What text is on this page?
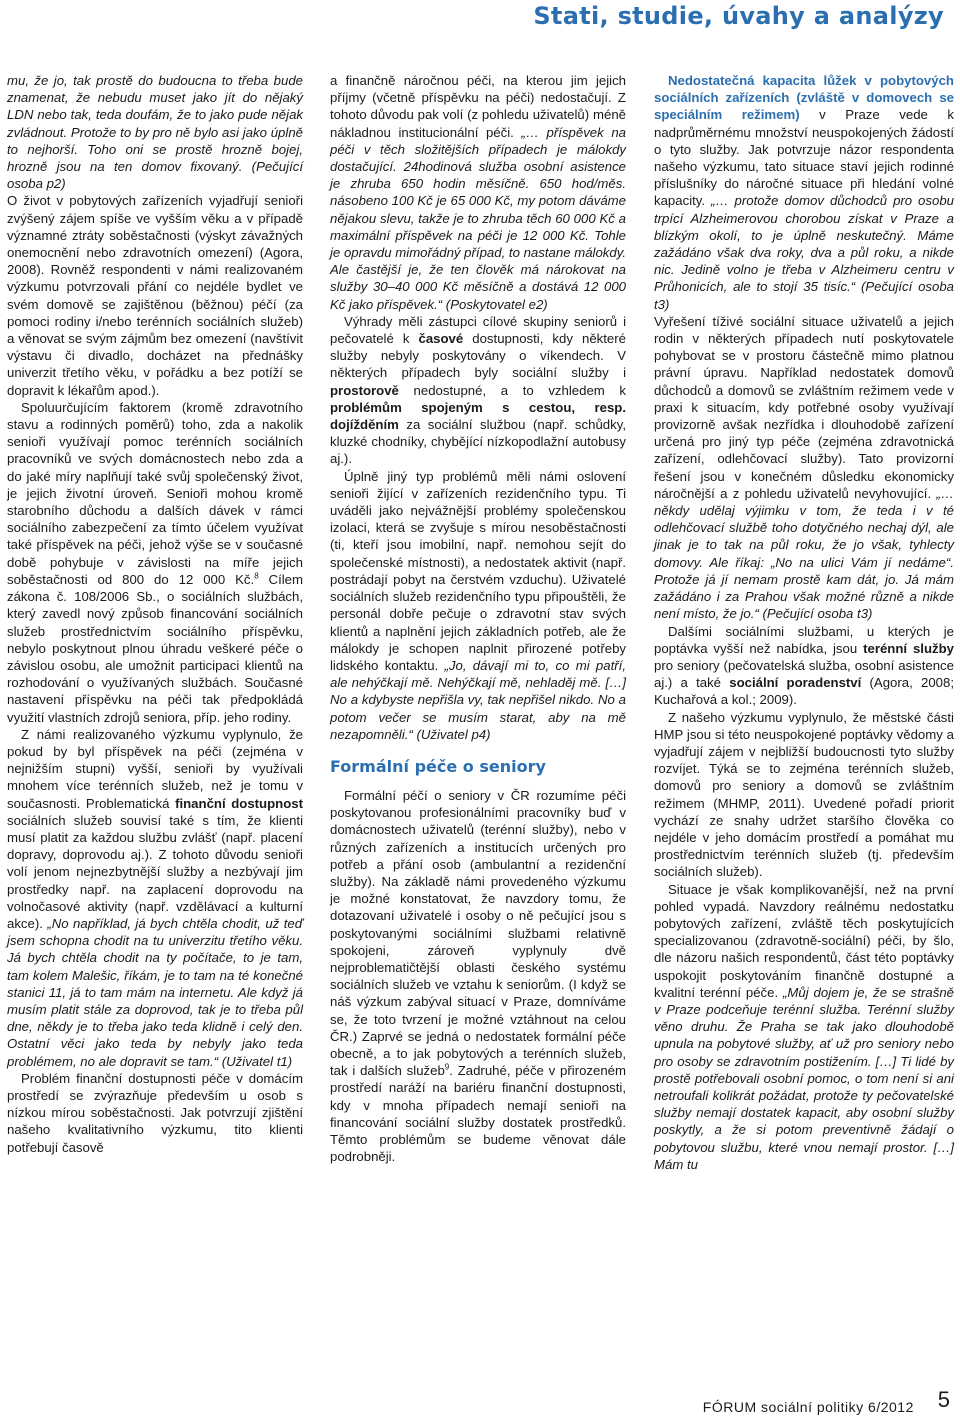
Stati, studie, úvahy a analýzy

mu, že jo, tak prostě do budoucna to třeba bude znamenat, že nebudu muset jako jít do nějaký LDN nebo tak, teda doufám, že to jako pude nějak zvládnout. Protože to by pro ně bylo asi jako úplně to nejhorší. Toho oni se prostě hrozně bojej, hrozně jsou na ten domov fixovaný. (Pečující osoba p2)

O život v pobytových zařízeních vyjadřují senioři zvýšený zájem spíše ve vyšším věku a v případě významné ztráty soběstačnosti (výskyt závažných onemocnění nebo zdravotních omezení) (Agora, 2008). Rovněž respondenti v námi realizovaném výzkumu potvrzovali přání co nejdéle bydlet ve svém domově se zajištěnou (běžnou) péčí (za pomoci rodiny i/nebo terénních sociálních služeb) a věnovat se svým zájmům bez omezení (navštívit výstavu či divadlo, docházet na přednášky univerzit třetího věku, v pořádku a bez potíží se dopravit k lékařům apod.).

Spoluurčujícím faktorem (kromě zdravotního stavu a rodinných poměrů) toho, zda a nakolik senioři využívají pomoc terénních sociálních pracovníků ve svých domácnostech nebo zda a do jaké míry naplňují také svůj společenský život, je jejich životní úroveň. Senioři mohou kromě starobního důchodu a dalších dávek v rámci sociálního zabezpečení za tímto účelem využívat také příspěvek na péči, jehož výše se v současné době pohybuje v závislosti na míře jejich soběstačnosti od 800 do 12 000 Kč.$^8$ Cílem zákona č. 108/2006 Sb., o sociálních službách, který zavedl nový způsob financování sociálních služeb prostřednictvím sociálního příspěvku, nebylo poskytnout plnou úhradu veškeré péče o závislou osobu, ale umožnit participaci klientů na rozhodování o využívaných službách. Současné nastavení příspěvku na péči tak předpokládá využití vlastních zdrojů seniora, příp. jeho rodiny.

Z námi realizovaného výzkumu vyplynulo, že pokud by byl příspěvek na péči (zejména v nejnižším stupni) vyšší, senioři by využívali mnohem více terénních služeb, než je tomu v současnosti. Problematická finanční dostupnost sociálních služeb souvisí také s tím, že klienti musí platit za každou službu zvlášť (např. placení dopravy, doprovodu aj.). Z tohoto důvodu senioři volí jenom nejnezbytnější služby a nezbývají jim prostředky např. na zaplacení doprovodu na volnočasové aktivity (např. vzdělávací a kulturní akce). „No například, já bych chtěla chodit, už teď jsem schopna chodit na tu univerzitu třetího věku. Já bych chtěla chodit na ty počítače, to je tam, tam kolem Malešic, říkám, je to tam na té konečné stanici 11, já to tam mám na internetu. Ale když já musím platit stále za doprovod, tak je to třeba půl dne, někdy je to třeba jako teda klidně i celý den. Ostatní věci jako teda by nebyly jako teda problémem, no ale dopravit se tam.“ (Uživatel t1)

Problém finanční dostupnosti péče v domácím prostředí se zvýrazňuje především u osob s nízkou mírou soběstačnosti. Jak potvrzují zjištění našeho kvalitativního výzkumu, tito klienti potřebují časově

a finančně náročnou péči, na kterou jim jejich příjmy (včetně příspěvku na péči) nedostačují. Z tohoto důvodu pak volí (z pohledu uživatelů) méně nákladnou institucionální péči. „… příspěvek na péči v těch složitějších případech je málokdy dostačující. 24hodinová služba osobní asistence je zhruba 650 hodin měsíčně. 650 hod/měs. násobeno 100 Kč je 65 000 Kč, my potom dáváme nějakou slevu, takže je to zhruba těch 60 000 Kč a maximální příspěvek na péči je 12 000 Kč. Tohle je opravdu mimořádný případ, to nastane málokdy. Ale častější je, že ten člověk má nárokovat na služby 30–40 000 Kč měsíčně a dostává 12 000 Kč jako příspěvek.“ (Poskytovatel e2)

Výhrady měli zástupci cílové skupiny seniorů i pečovatelé k časové dostupnosti, kdy některé služby nebyly poskytovány o víkendech. V některých případech byly sociální služby i prostorově nedostupné, a to vzhledem k problémům spojeným s cestou, resp. dojížděním za sociální službou (např. schůdky, kluzké chodníky, chybějící nízkopodlažní autobusy aj.).

Úplně jiný typ problémů měli námi oslovení senioři žijící v zařízeních rezidenčního typu. Ti uváděli jako nejvážnější problémy společenskou izolaci, která se zvyšuje s mírou nesoběstačnosti (ti, kteří jsou imobilní, např. nemohou sejít do společenské místnosti), a nedostatek aktivit (např. postrádají pobyt na čerstvém vzduchu). Uživatelé sociálních služeb rezidenčního typu připouštěli, že personál dobře pečuje o zdravotní stav svých klientů a naplnění jejich základních potřeb, ale že málokdy je schopen naplnit přirozené potřeby lidského kontaktu. „Jo, dávají mi to, co mi patří, ale nehýčkají mě. Nehýčkají mě, nehladěj mě. […] No a kdybyste nepřišla vy, tak nepřišel nikdo. No a potom večer se musím starat, aby na mě nezapomněli.“ (Uživatel p4)

Formální péče o seniory

Formální péčí o seniory v ČR rozumíme péči poskytovanou profesionálními pracovníky buď v domácnostech uživatelů (terénní služby), nebo v různých zařízeních a institucích určených pro potřeb a přání osob (ambulantní a rezidenční služby). Na základě námi provedeného výzkumu je možné konstatovat, že navzdory tomu, že dotazovaní uživatelé i osoby o ně pečující jsou s poskytovanými sociálními službami relativně spokojeni, zároveň vyplynuly dvě nejproblematičtější oblasti českého systému sociálních služeb ve vztahu k seniorům. (I když se náš výzkum zabýval situací v Praze, domníváme se, že toto tvrzení je možné vztáhnout na celou ČR.) Zaprvé se jedná o nedostatek formální péče obecně, a to jak pobytových a terénních služeb, tak i dalších služeb$^9$. Zadruhé, péče v přirozeném prostředí naráží na bariéru finanční dostupnosti, kdy v mnoha případech nemají senioři na financování sociální služby dostatek prostředků. Těmto problémům se budeme věnovat dále podrobněji.

Nedostatečná kapacita lůžek v pobytových sociálních zařízeních (zvláště v domovech se speciálním režimem) v Praze vede k nadprůměrnému množství neuspokojených žádostí o tyto služby. Jak potvrzuje názor respondenta našeho výzkumu, tato situace staví jejich rodinné příslušníky do náročné situace při hledání volné kapacity. „… protože domov důchodců pro osobu trpící Alzheimerovou chorobou získat v Praze a blízkým okolí, to je úplně neskutečný. Máme zažádáno však dva roky, dva a půl roku, a nikde nic. Jedině volno je třeba v Alzheimeru centru v Průhonicích, ale to stojí 35 tisíc.“ (Pečující osoba t3)

Vyřešení tíživé sociální situace uživatelů a jejich rodin v některých případech nutí poskytovatele pohybovat se v prostoru částečně mimo platnou právní úpravu. Například nedostatek domovů důchodců a domovů se zvláštním režimem vede v praxi k situacím, kdy potřebné osoby využívají provizorně avšak nezřídka i dlouhodobě zařízení určená pro jiný typ péče (zejména zdravotnická zařízení, odlehčovací služby). Tato provizorní řešení jsou v konečném důsledku ekonomicky náročnější a z pohledu uživatelů nevyhovující. „… někdy udělaj výjimku v tom, že teda i v té odlehčovací službě toho dotyčného nechaj dýl, ale jinak je to tak na půl roku, že jo však, tyhlecty domovy. Ale říkaj: „No na ulici Vám jí nedáme“. Protože já jí nemam prostě kam dát, jo. Já mám zažádáno i za Prahou však možné různě a nikde není místo, že jo.“ (Pečující osoba t3)

Dalšími sociálními službami, u kterých je poptávka vyšší než nabídka, jsou terénní služby pro seniory (pečovatelská služba, osobní asistence aj.) a také sociální poradenství (Agora, 2008; Kuchařová a kol.; 2009).

Z našeho výzkumu vyplynulo, že městské části HMP jsou si této neuspokojené poptávky vědomy a vyjadřují zájem v nejbližší budoucnosti tyto služby rozvíjet. Týká se to zejména terénních služeb, domovů pro seniory a domovů se zvláštním režimem (MHMP, 2011). Uvedené pořadí priorit vychází ze snahy udržet staršího člověka co nejdéle v jeho domácím prostředí a pomáhat mu prostřednictvím terénních služeb (tj. především sociálních služeb).

Situace je však komplikovanější, než na první pohled vypadá. Navzdory reálnému nedostatku pobytových zařízení, zvláště těch poskytujících specializovanou (zdravotně-sociální) péči, by šlo, dle názoru našich respondentů, část této poptávky uspokojit poskytováním finančně dostupné a kvalitní terénní péče. „Můj dojem je, že se strašně v Praze podceňuje terénní služba. Terénní služby věno druhu. Že Praha se tak jako dlouhodobě upnula na pobytové služby, ať už pro seniory nebo pro osoby se zdravotním postižením. […] Ti lidé by prostě potřebovali osobní pomoc, o tom není si ani netroufali kolikrát požádat, protože ty pečovatelské služby nemají dostatek kapacit, aby osobní služby poskytly, a že si potom preventivně žádají o pobytovou službu, které vnou nemají prostor. […] Mám tu

FÓRUM sociální politiky 6/2012 5
